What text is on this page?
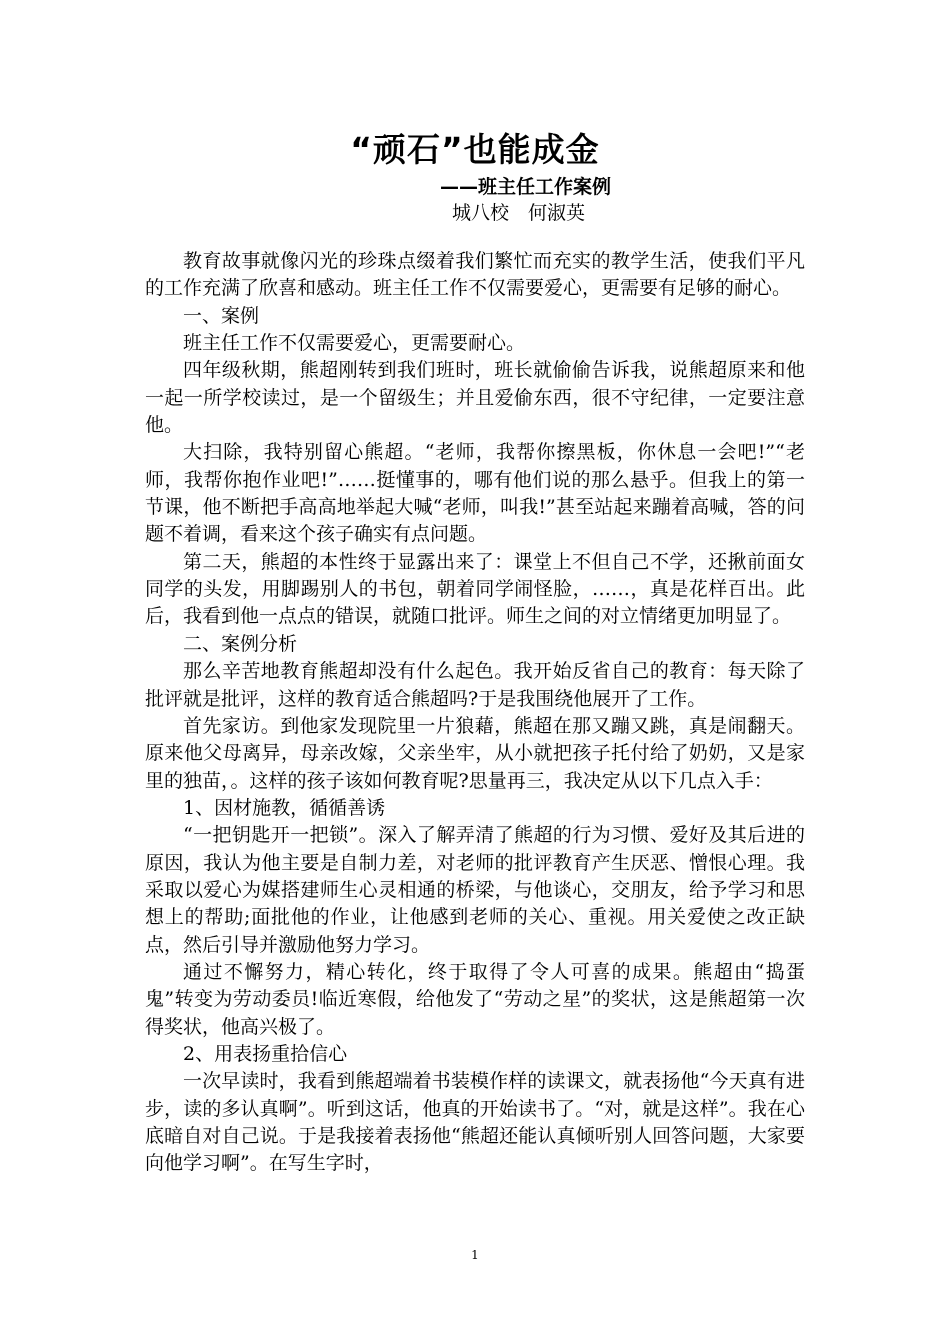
“顽石”也能成金
——班主任工作案例
城八校　何淑英

教育故事就像闪光的珍珠点缀着我们繁忙而充实的教学生活，使我们平凡的工作充满了欣喜和感动。班主任工作不仅需要爱心，更需要有足够的耐心。

一、案例

班主任工作不仅需要爱心，更需要耐心。

四年级秋期，熊超刚转到我们班时，班长就偷偷告诉我，说熊超原来和他一起一所学校读过，是一个留级生；并且爱偷东西，很不守纪律，一定要注意他。

大扫除，我特别留心熊超。“老师，我帮你擦黑板，你休息一会吧!”“老师，我帮你抱作业吧!”……挺懂事的，哪有他们说的那么悬乎。但我上的第一节课，他不断把手高高地举起大喊“老师，叫我!”甚至站起来蹦着高喊，答的问题不着调，看来这个孩子确实有点问题。

第二天，熊超的本性终于显露出来了：课堂上不但自己不学，还揪前面女同学的头发，用脚踢别人的书包，朝着同学闹怪脸，……，真是花样百出。此后，我看到他一点点的错误，就随口批评。师生之间的对立情绪更加明显了。

二、案例分析

那么辛苦地教育熊超却没有什么起色。我开始反省自己的教育：每天除了批评就是批评，这样的教育适合熊超吗?于是我围绕他展开了工作。

首先家访。到他家发现院里一片狼藉，熊超在那又蹦又跳，真是闹翻天。原来他父母离异，母亲改嫁，父亲坐牢，从小就把孩子托付给了奶奶，又是家里的独苗，。这样的孩子该如何教育呢?思量再三，我决定从以下几点入手：

1、因材施教，循循善诱

“一把钥匙开一把锁”。深入了解弄清了熊超的行为习惯、爱好及其后进的原因，我认为他主要是自制力差，对老师的批评教育产生厌恶、憎恨心理。我采取以爱心为媒搭建师生心灵相通的桥梁，与他谈心，交朋友，给予学习和思想上的帮助;面批他的作业，让他感到老师的关心、重视。用关爱使之改正缺点，然后引导并激励他努力学习。

通过不懈努力，精心转化，终于取得了令人可喜的成果。熊超由“捣蛋鬼”转变为劳动委员!临近寒假，给他发了“劳动之星”的奖状，这是熊超第一次得奖状，他高兴极了。

2、用表扬重拾信心

一次早读时，我看到熊超端着书装模作样的读课文，就表扬他“今天真有进步，读的多认真啊”。听到这话，他真的开始读书了。“对，就是这样”。我在心底暗自对自己说。于是我接着表扬他“熊超还能认真倾听别人回答问题，大家要向他学习啊”。在写生字时，

1
